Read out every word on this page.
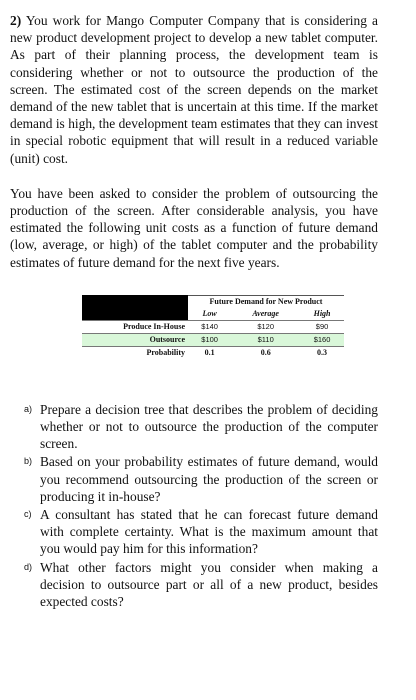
2) You work for Mango Computer Company that is considering a new product development project to develop a new tablet computer. As part of their planning process, the development team is considering whether or not to outsource the production of the screen. The estimated cost of the screen depends on the market demand of the new tablet that is uncertain at this time. If the market demand is high, the development team estimates that they can invest in special robotic equipment that will result in a reduced variable (unit) cost.

You have been asked to consider the problem of outsourcing the production of the screen. After considerable analysis, you have estimated the following unit costs as a function of future demand (low, average, or high) of the tablet computer and the probability estimates of future demand for the next five years.

	Future Demand for New Product		
	Low	Average	High
Produce In-House	$140	$120	$90
Outsource	$100	$110	$160
Probability	0.1	0.6	0.3
a) Prepare a decision tree that describes the problem of deciding whether or not to outsource the production of the computer screen.
b) Based on your probability estimates of future demand, would you recommend outsourcing the production of the screen or producing it in-house?
c) A consultant has stated that he can forecast future demand with complete certainty. What is the maximum amount that you would pay him for this information?
d) What other factors might you consider when making a decision to outsource part or all of a new product, besides expected costs?
